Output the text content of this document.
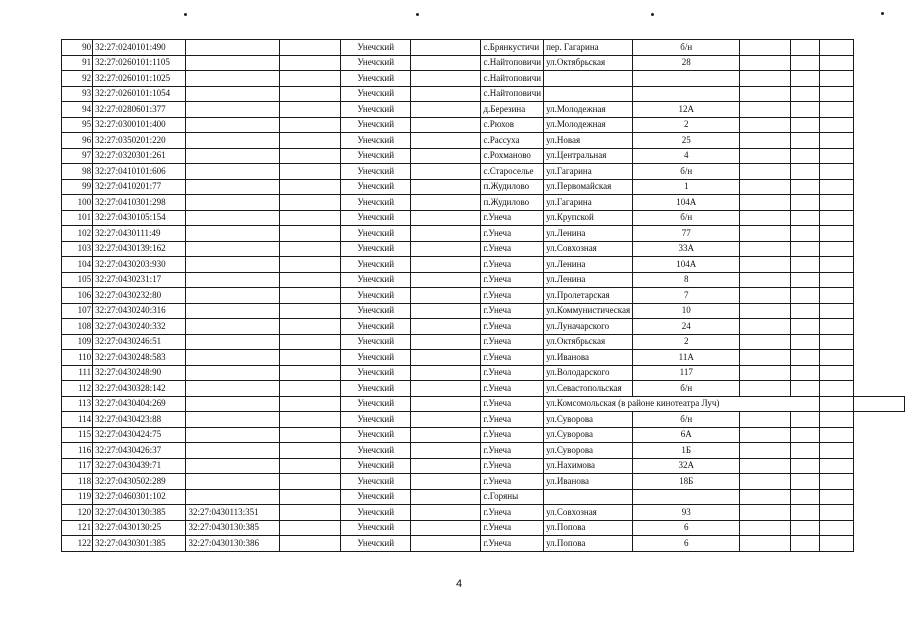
90	32:27:0240101:490			Унечский		с.Брянкустичи	пер. Гагарина	б/н				
91	32:27:0260101:1105			Унечский		с.Найтоповичи	ул.Октябрьская	28				
92	32:27:0260101:1025			Унечский		с.Найтоповичи						
93	32:27:0260101:1054			Унечский		с.Найтоповичи						
94	32:27:0280601:377			Унечский		д.Березина	ул.Молодежная	12А				
95	32:27:0300101:400			Унечский		с.Рюхов	ул.Молодежная	2				
96	32:27:0350201:220			Унечский		с.Рассуха	ул.Новая	25				
97	32:27:0320301:261			Унечский		с.Рохманово	ул.Центральная	4				
98	32:27:0410101:606			Унечский		с.Староселье	ул.Гагарина	б/н				
99	32:27:0410201:77			Унечский		п.Жудилово	ул.Первомайская	1				
100	32:27:0410301:298			Унечский		п.Жудилово	ул.Гагарина	104А				
101	32:27:0430105:154			Унечский		г.Унеча	ул.Крупской	б/н				
102	32:27:0430111:49			Унечский		г.Унеча	ул.Ленина	77				
103	32:27:0430139:162			Унечский		г.Унеча	ул.Совхозная	33А				
104	32:27:0430203:930			Унечский		г.Унеча	ул.Ленина	104А				
105	32:27:0430231:17			Унечский		г.Унеча	ул.Ленина	8				
106	32:27:0430232:80			Унечский		г.Унеча	ул.Пролетарская	7				
107	32:27:0430240:316			Унечский		г.Унеча	ул.Коммунистическая	10				
108	32:27:0430240:332			Унечский		г.Унеча	ул.Луначарского	24				
109	32:27:0430246:51			Унечский		г.Унеча	ул.Октябрьская	2				
110	32:27:0430248:583			Унечский		г.Унеча	ул.Иванова	11А				
111	32:27:0430248:90			Унечский		г.Унеча	ул.Володарского	117				
112	32:27:0430328:142			Унечский		г.Унеча	ул.Севастопольская	б/н				
113	32:27:0430404:269			Унечский		г.Унеча	ул.Комсомольская (в районе кинотеатра Луч)					
114	32:27:0430423:88			Унечский		г.Унеча	ул.Суворова	б/н				
115	32:27:0430424:75			Унечский		г.Унеча	ул.Суворова	6А				
116	32:27:0430426:37			Унечский		г.Унеча	ул.Суворова	1Б				
117	32:27:0430439:71			Унечский		г.Унеча	ул.Нахимова	32А				
118	32:27:0430502:289			Унечский		г.Унеча	ул.Иванова	18Б				
119	32:27:0460301:102			Унечский		с.Горяны						
120	32:27:0430130:385	32:27:0430113:351		Унечский		г.Унеча	ул.Совхозная	93				
121	32:27:0430130:25	32:27:0430130:385		Унечский		г.Унеча	ул.Попова	6				
122	32:27:0430301:385	32:27:0430130:386		Унечский		г.Унеча	ул.Попова	6				
4
